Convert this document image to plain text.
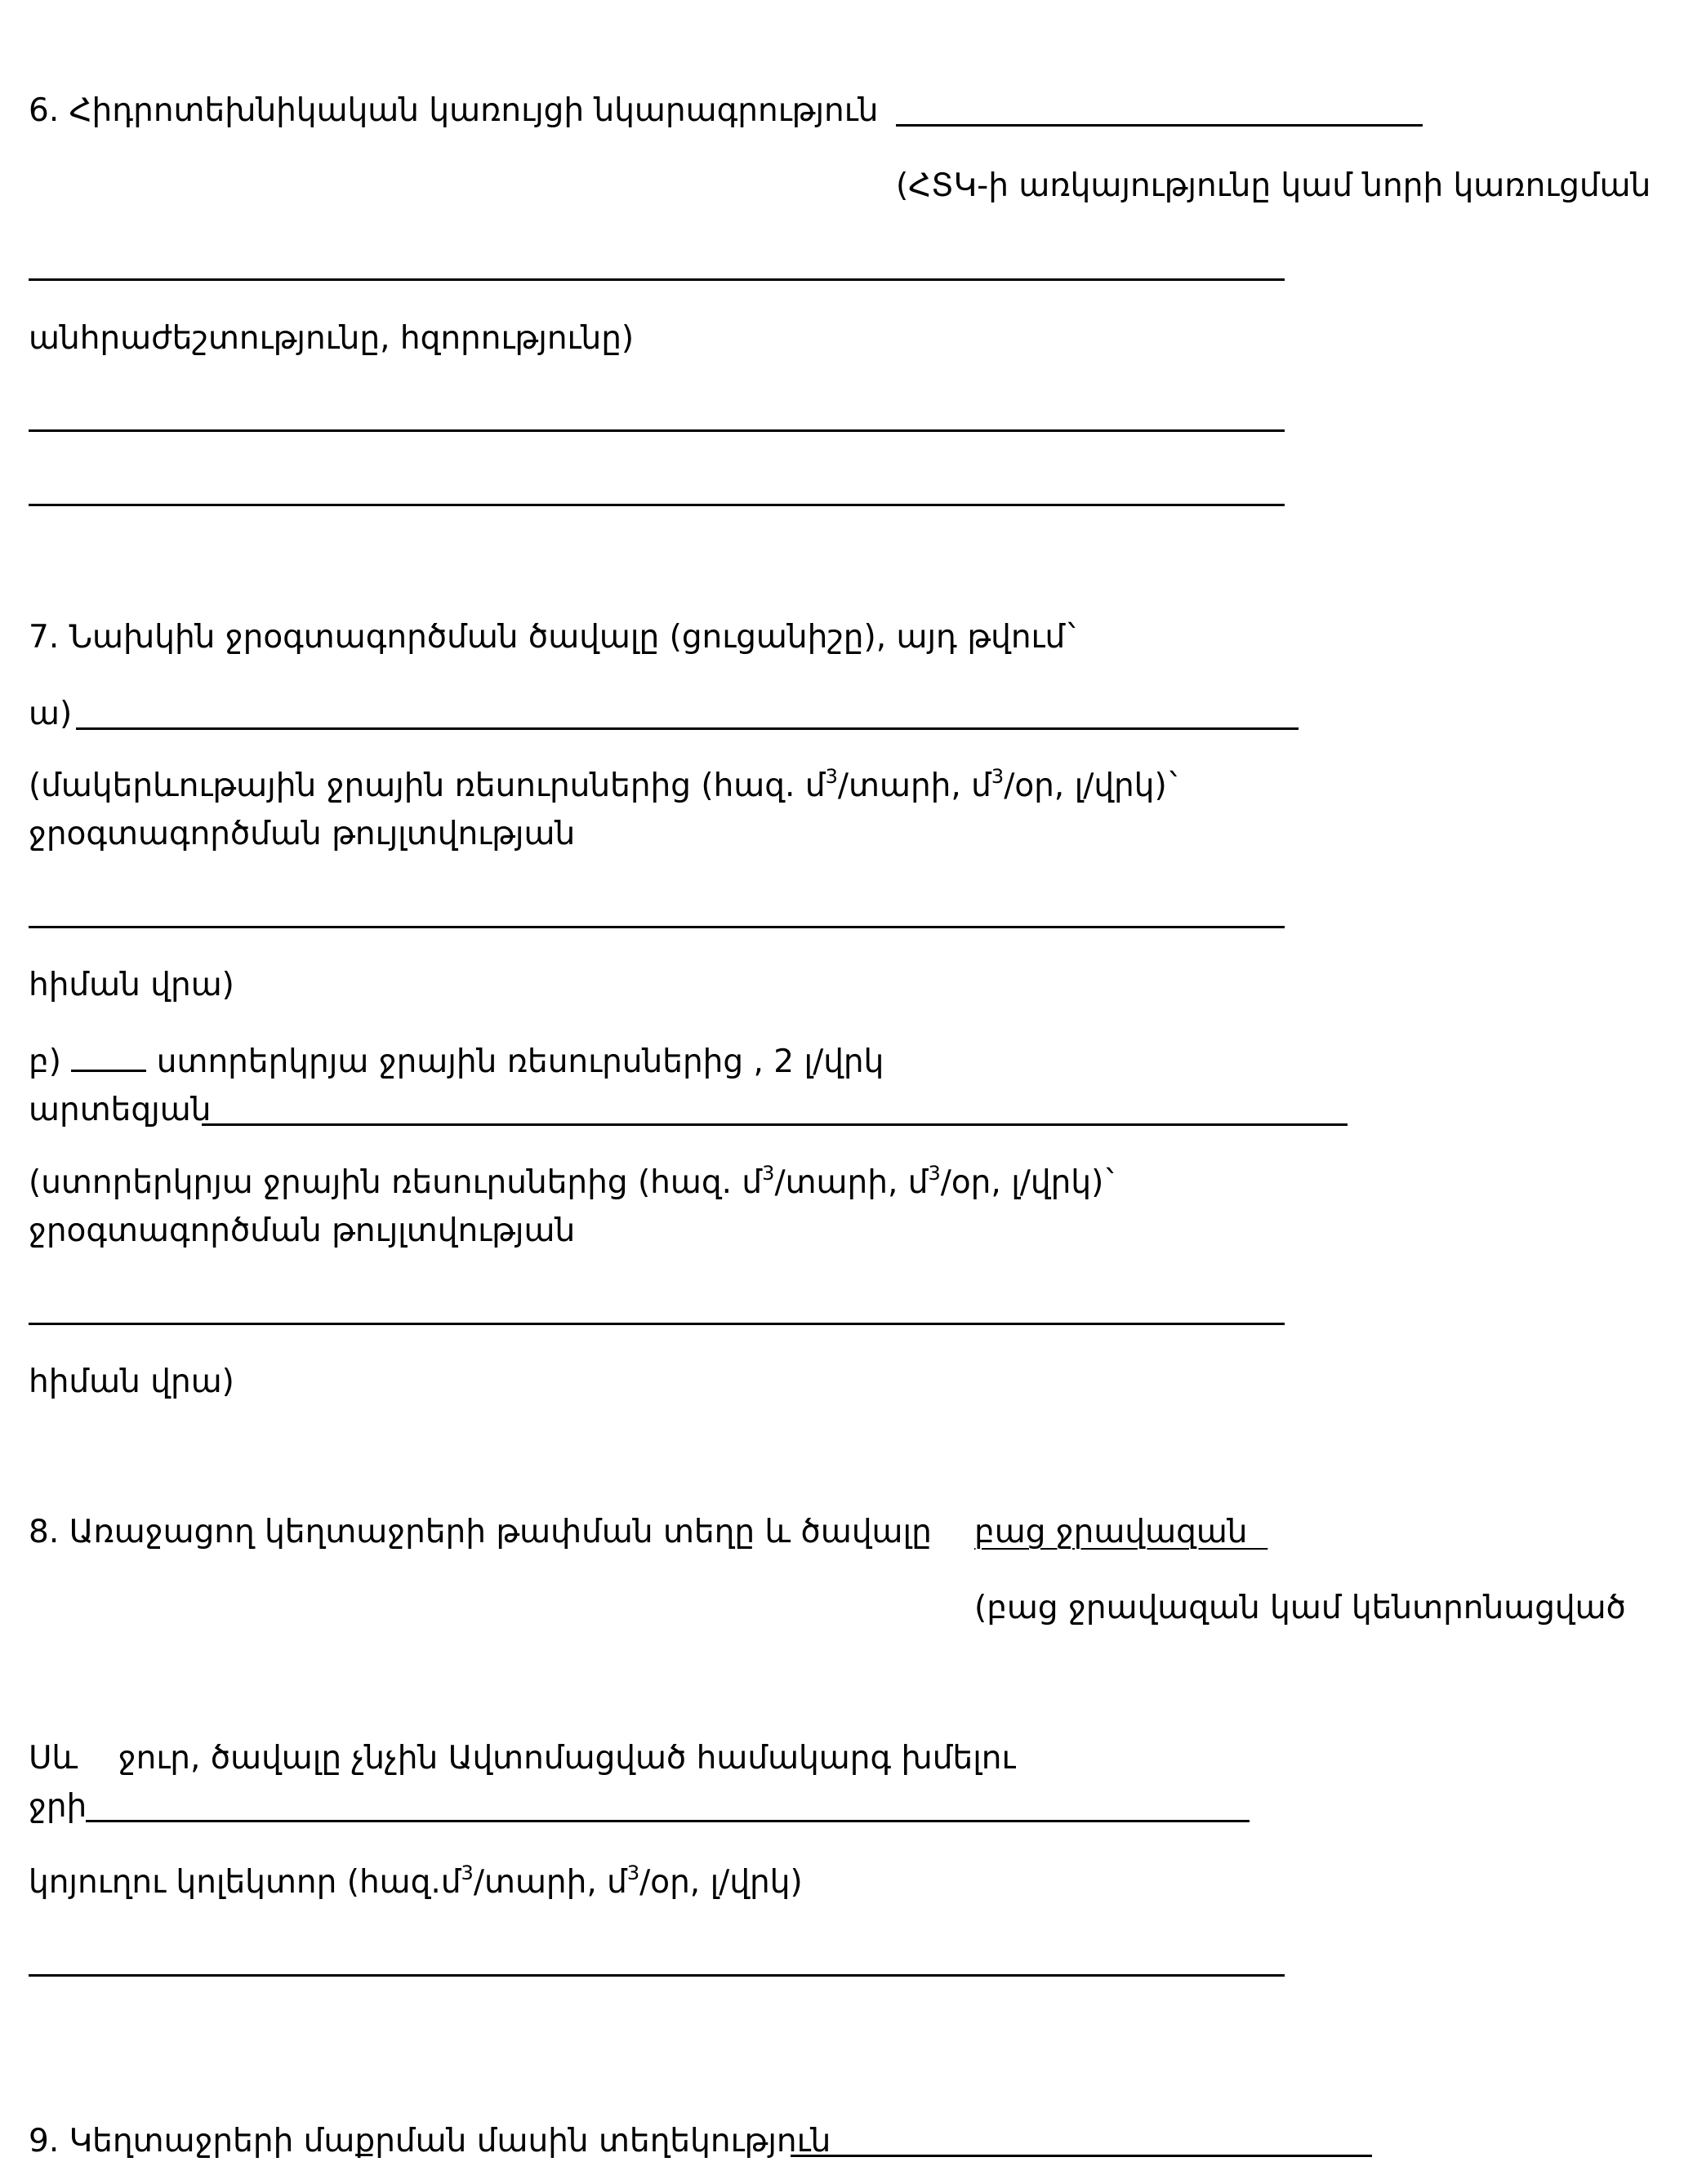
6. Հիդրոտեխնիկական կառույցի նկարագրություն
(ՀՏԿ-ի առկայությունը կամ նորի կառուցման
անհրաժեշտությունը, հզորությունը)
7. Նախկին ջրօգտագործման ծավալը (ցուցանիշը), այդ թվում`
ա)
(մակերևութային ջրային ռեսուրսներից (հազ. մ$^3$/տարի, մ$^3$/օր, լ/վրկ)`
ջրօգտագործման թույլտվության
հիման վրա)
բ)	ստորերկրյա ջրային ռեսուրսներից , 2 լ/վրկ
արտեզյան
(ստորերկրյա ջրային ռեսուրսներից (հազ. մ$^3$/տարի, մ$^3$/օր, լ/վրկ)`
ջրօգտագործման թույլտվության
հիման վրա)
8. Առաջացող կեղտաջրերի թափման տեղը և ծավալը բաց ջրավազան
(բաց ջրավազան կամ կենտրոնացված
Սև ջուր, ծավալը չնչին Ավտոմացված համակարգ խմելու
ջրի
կոյուղու կոլեկտոր (հազ.մ$^3$/տարի, մ$^3$/օր, լ/վրկ)
9. Կեղտաջրերի մաքրման մասին տեղեկություն
